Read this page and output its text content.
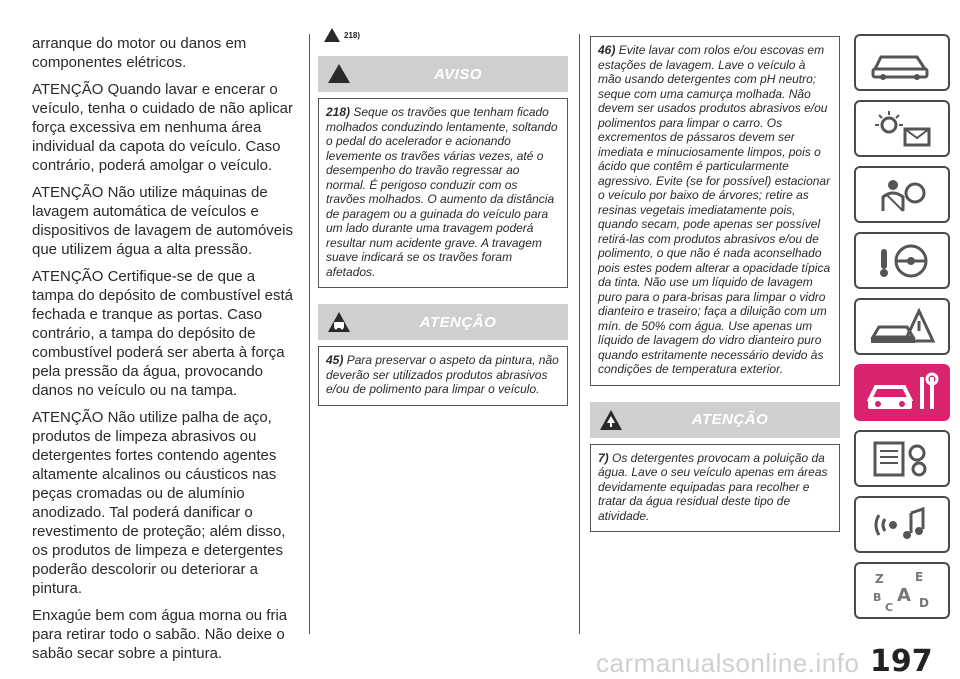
arranque do motor ou danos em componentes elétricos.

ATENÇÃO Quando lavar e encerar o veículo, tenha o cuidado de não aplicar força excessiva em nenhuma área individual da capota do veículo. Caso contrário, poderá amolgar o veículo.

ATENÇÃO Não utilize máquinas de lavagem automática de veículos e dispositivos de lavagem de automóveis que utilizem água a alta pressão.

ATENÇÃO Certifique-se de que a tampa do depósito de combustível está fechada e tranque as portas. Caso contrário, a tampa do depósito de combustível poderá ser aberta à força pela pressão da água, provocando danos no veículo ou na tampa.

ATENÇÃO Não utilize palha de aço, produtos de limpeza abrasivos ou detergentes fortes contendo agentes altamente alcalinos ou cáusticos nas peças cromadas ou de alumínio anodizado. Tal poderá danificar o revestimento de proteção; além disso, os produtos de limpeza e detergentes poderão descolorir ou deteriorar a pintura.

Enxagúe bem com água morna ou fria para retirar todo o sabão. Não deixe o sabão secar sobre a pintura.

218)
AVISO
218) Seque os travões que tenham ficado molhados conduzindo lentamente, soltando o pedal do acelerador e acionando levemente os travões várias vezes, até o desempenho do travão regressar ao normal. É perigoso conduzir com os travões molhados. O aumento da distância de paragem ou a guinada do veículo para um lado durante uma travagem poderá resultar num acidente grave. A travagem suave indicará se os travões foram afetados.
ATENÇÃO
45) Para preservar o aspeto da pintura, não deverão ser utilizados produtos abrasivos e/ou de polimento para limpar o veículo.
46) Evite lavar com rolos e/ou escovas em estações de lavagem. Lave o veículo à mão usando detergentes com pH neutro; seque com uma camurça molhada. Não devem ser usados produtos abrasivos e/ou polimentos para limpar o carro. Os excrementos de pássaros devem ser imediata e minuciosamente limpos, pois o ácido que contêm é particularmente agressivo. Evite (se for possível) estacionar o veículo por baixo de árvores; retire as resinas vegetais imediatamente pois, quando secam, pode apenas ser possível retirá-las com produtos abrasivos e/ou de polimento, o que não é nada aconselhado pois estes podem alterar a opacidade típica da tinta. Não use um líquido de lavagem puro para o para-brisas para limpar o vidro dianteiro e traseiro; faça a diluição com um mín. de 50% com água. Use apenas um líquido de lavagem do vidro dianteiro puro quando estritamente necessário devido às condições de temperatura exterior.
ATENÇÃO
7) Os detergentes provocam a poluição da água. Lave o seu veículo apenas em áreas devidamente equipadas para recolher e tratar da água residual deste tipo de atividade.
Z	E
B A
C D
carmanualsonline.info 197
